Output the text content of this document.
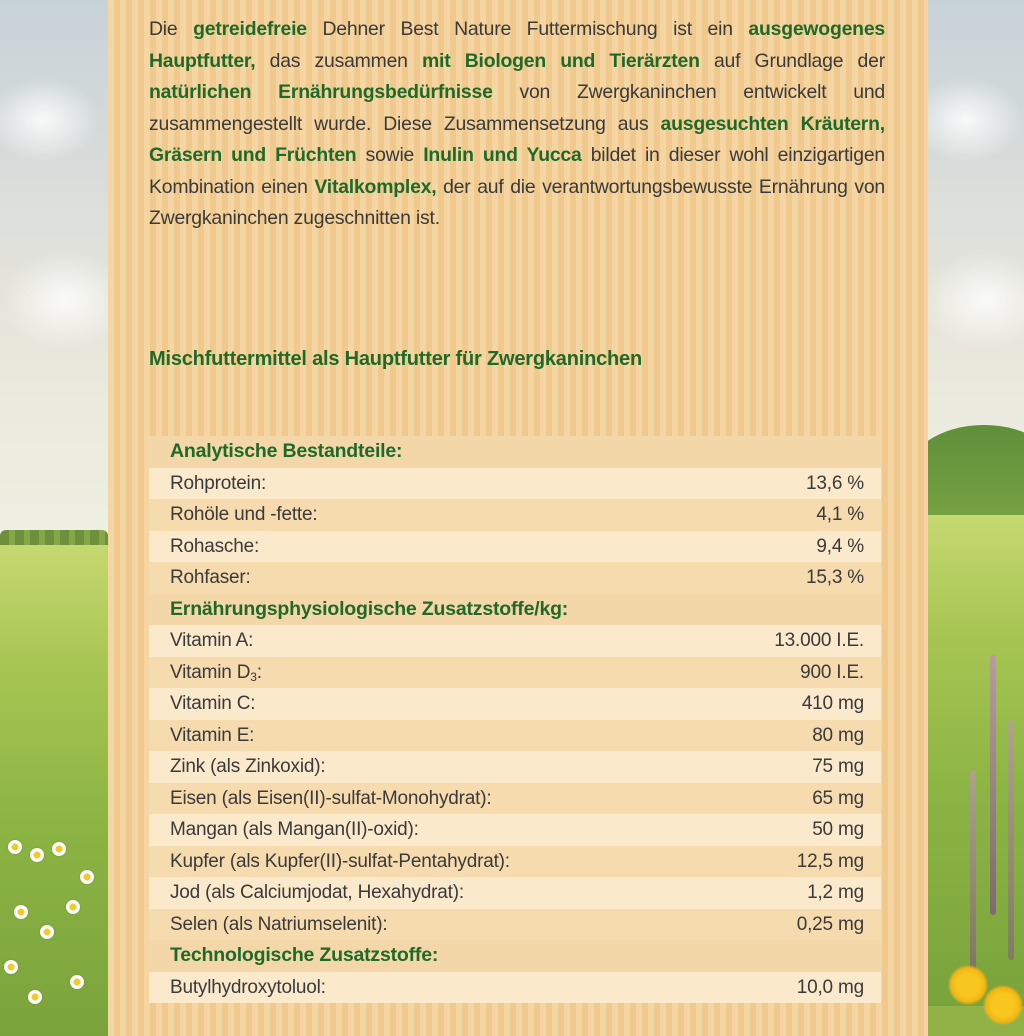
Die getreidefreie Dehner Best Nature Futtermischung ist ein ausgewogenes Hauptfutter, das zusammen mit Biologen und Tierärzten auf Grundlage der natürlichen Ernährungsbedürfnisse von Zwergkaninchen entwickelt und zusammengestellt wurde. Diese Zusammensetzung aus ausgesuchten Kräutern, Gräsern und Früchten sowie Inulin und Yucca bildet in dieser wohl einzigartigen Kombination einen Vitalkomplex, der auf die verantwortungsbewusste Ernährung von Zwergkaninchen zugeschnitten ist.
Mischfuttermittel als Hauptfutter für Zwergkaninchen
Analytische Bestandteile:
Rohprotein:	13,6 %
Rohöle und -fette:	4,1 %
Rohasche:	9,4 %
Rohfaser:	15,3 %
Ernährungsphysiologische Zusatzstoffe/kg:
Vitamin A:	13.000 I.E.
Vitamin $D_3$:	900 I.E.
Vitamin C:	410 mg
Vitamin E:	80 mg
Zink (als Zinkoxid):	75 mg
Eisen (als Eisen(II)-sulfat-Monohydrat):	65 mg
Mangan (als Mangan(II)-oxid):	50 mg
Kupfer (als Kupfer(II)-sulfat-Pentahydrat):	12,5 mg
Jod (als Calciumjodat, Hexahydrat):	1,2 mg
Selen (als Natriumselenit):	0,25 mg
Technologische Zusatzstoffe:
Butylhydroxytoluol:	10,0 mg
